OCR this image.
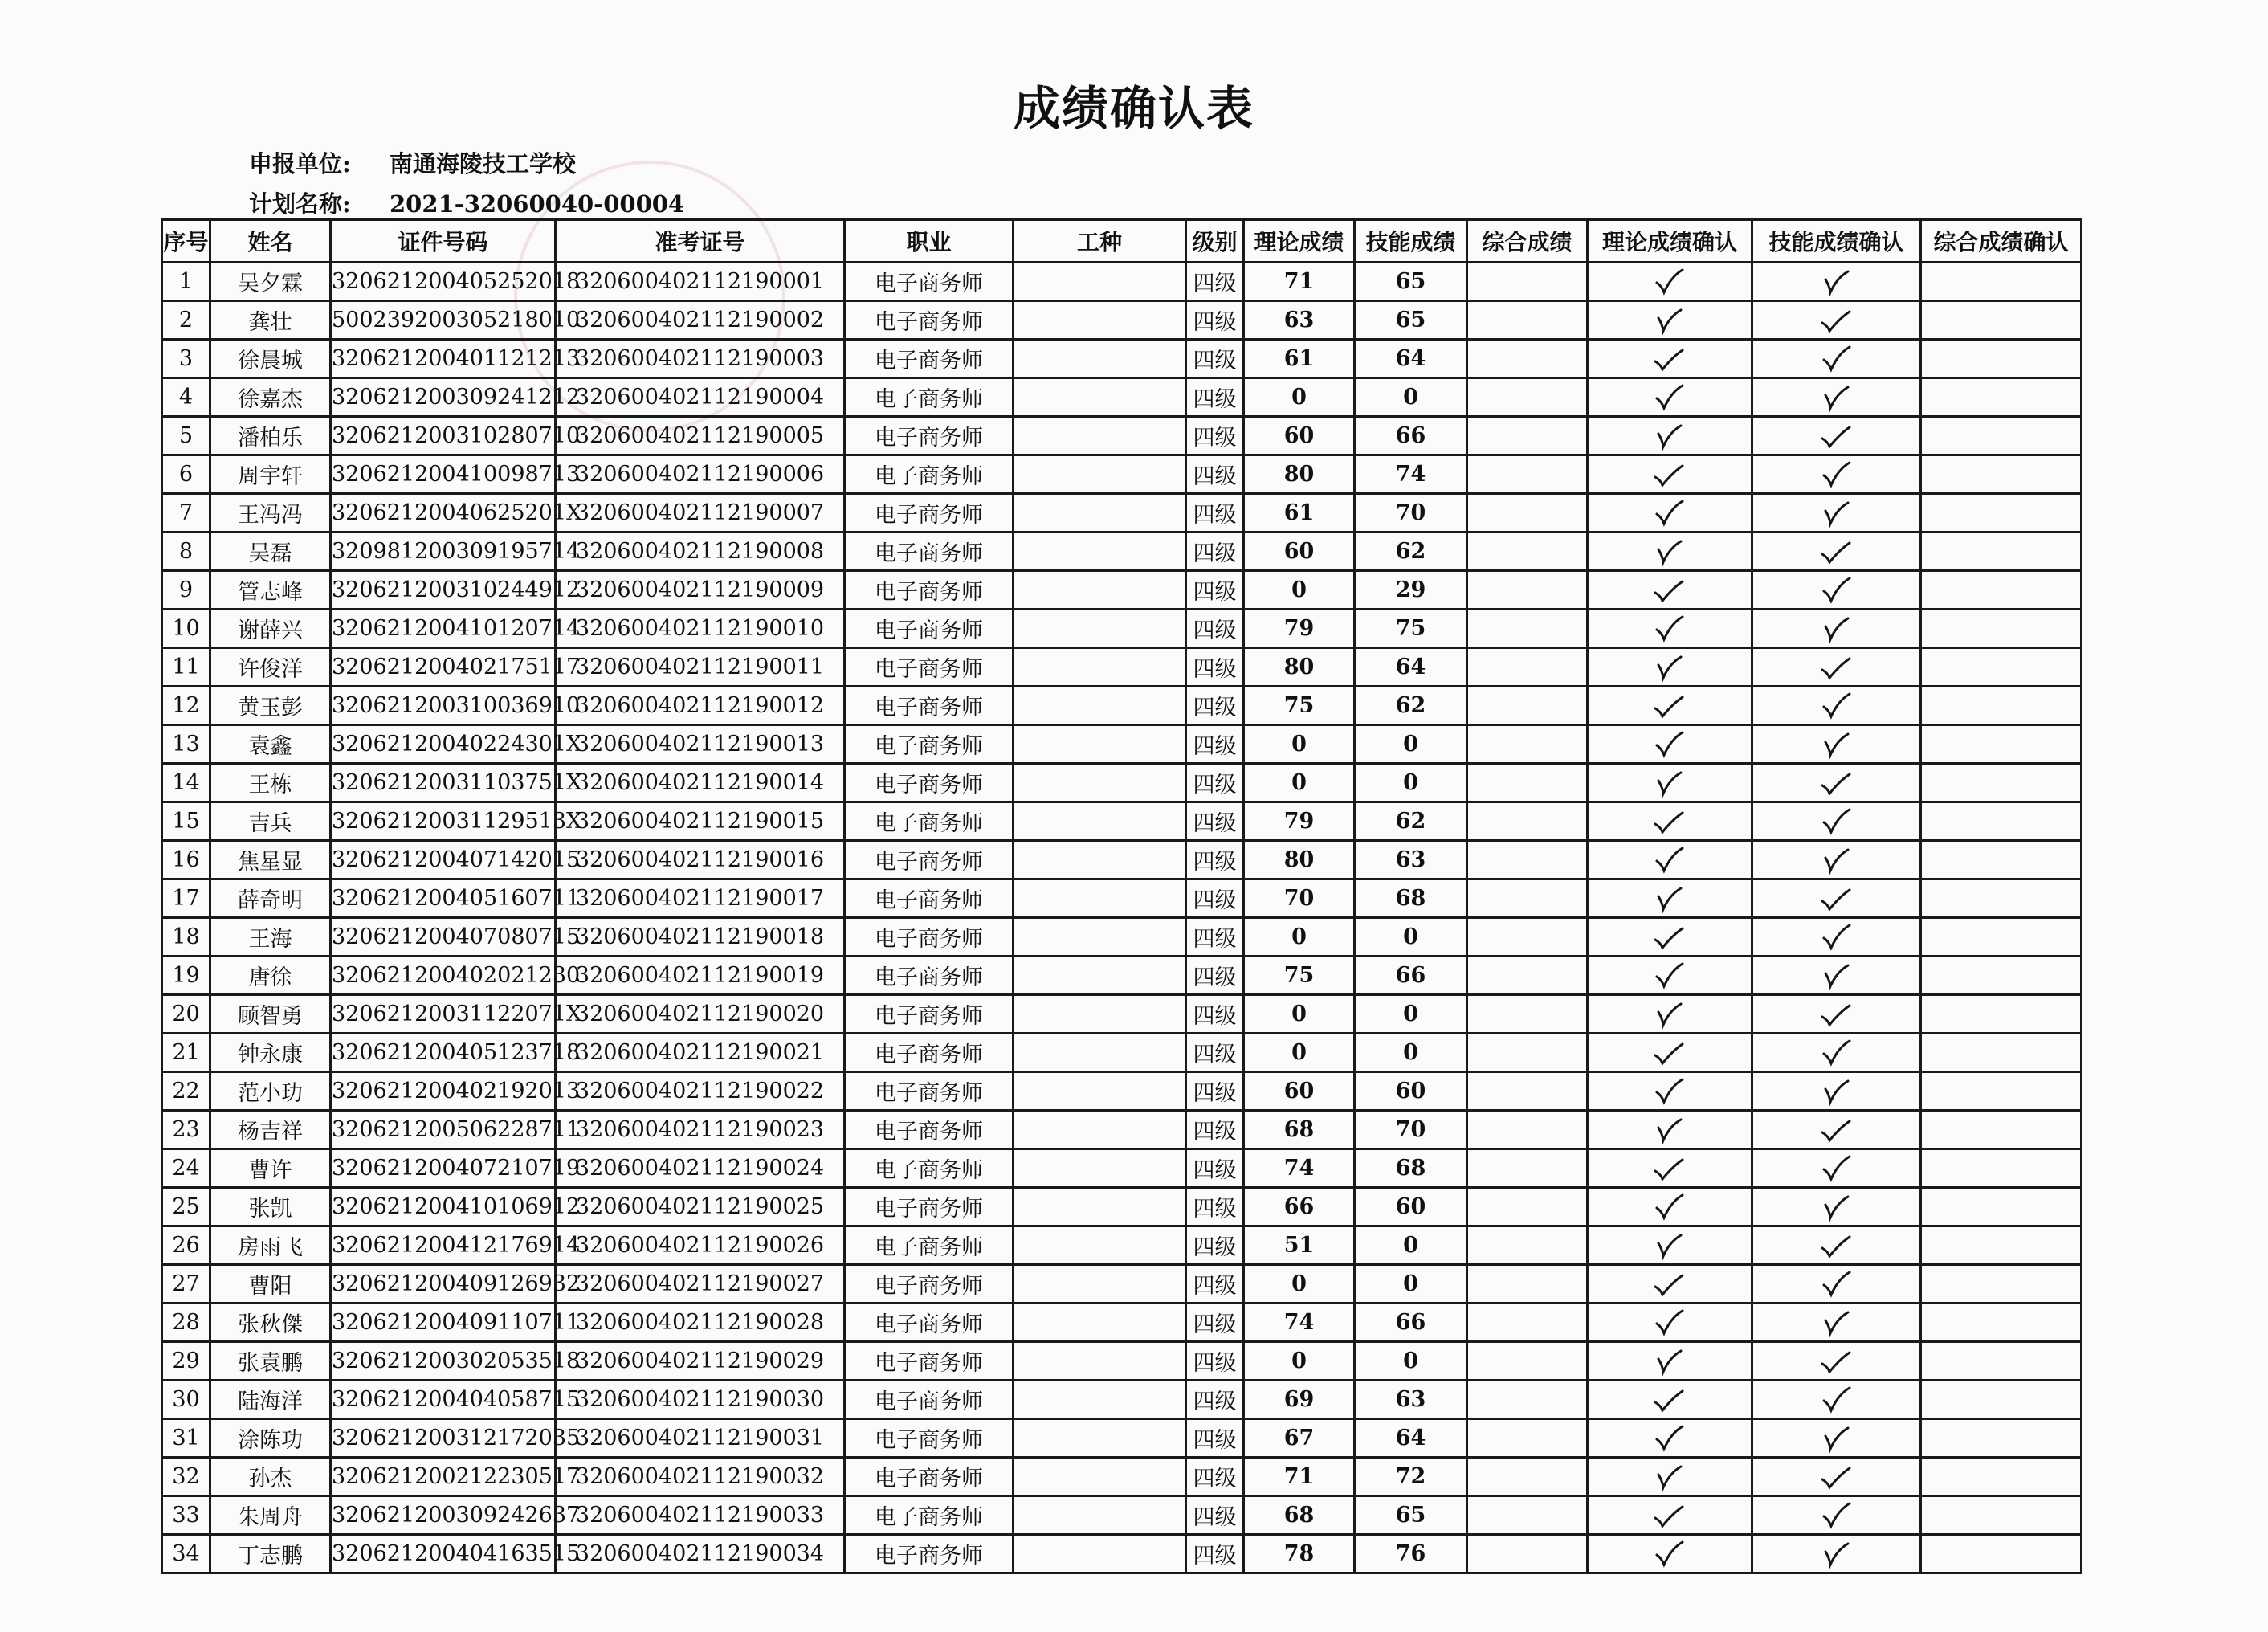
成绩确认表
申报单位: 南通海陵技工学校
计划名称: 2021-32060040-00004
序号	姓名	证件号码	准考证号	职业	工种	级别	理论成绩	技能成绩	综合成绩	理论成绩确认	技能成绩确认	综合成绩确认
1	吴夕霖	320621200405252018	320600402112190001	电子商务师		四级	71	65		

2	龚壮	500239200305218010	320600402112190002	电子商务师		四级	63	65		

3	徐晨城	320621200401121213	320600402112190003	电子商务师		四级	61	64		

4	徐嘉杰	320621200309241212	320600402112190004	电子商务师		四级	0	0		

5	潘柏乐	320621200310280710	320600402112190005	电子商务师		四级	60	66		

6	周宇轩	320621200410098713	320600402112190006	电子商务师		四级	80	74		

7	王冯冯	32062120040625201X	320600402112190007	电子商务师		四级	61	70		

8	吴磊	320981200309195714	320600402112190008	电子商务师		四级	60	62		

9	管志峰	320621200310244912	320600402112190009	电子商务师		四级	0	29		

10	谢薛兴	320621200410120714	320600402112190010	电子商务师		四级	79	75		

11	许俊洋	320621200402175117	320600402112190011	电子商务师		四级	80	64		

12	黄玉彭	320621200310036910	320600402112190012	电子商务师		四级	75	62		

13	袁鑫	32062120040224301X	320600402112190013	电子商务师		四级	0	0		

14	王栋	32062120031103751X	320600402112190014	电子商务师		四级	0	0		

15	吉兵	32062120031129513X	320600402112190015	电子商务师		四级	79	62		

16	焦星显	320621200407142015	320600402112190016	电子商务师		四级	80	63		

17	薛奇明	320621200405160711	320600402112190017	电子商务师		四级	70	68		

18	王海	320621200407080715	320600402112190018	电子商务师		四级	0	0		

19	唐徐	320621200402021230	320600402112190019	电子商务师		四级	75	66		

20	顾智勇	32062120031122071X	320600402112190020	电子商务师		四级	0	0		

21	钟永康	320621200405123718	320600402112190021	电子商务师		四级	0	0		

22	范小玏	320621200402192013	320600402112190022	电子商务师		四级	60	60		

23	杨吉祥	320621200506228711	320600402112190023	电子商务师		四级	68	70		

24	曹许	320621200407210719	320600402112190024	电子商务师		四级	74	68		

25	张凯	320621200410106912	320600402112190025	电子商务师		四级	66	60		

26	房雨飞	320621200412176914	320600402112190026	电子商务师		四级	51	0		

27	曹阳	320621200409126932	320600402112190027	电子商务师		四级	0	0		

28	张秋傑	320621200409110711	320600402112190028	电子商务师		四级	74	66		

29	张袁鹏	320621200302053518	320600402112190029	电子商务师		四级	0	0		

30	陆海洋	320621200404058715	320600402112190030	电子商务师		四级	69	63		

31	涂陈功	320621200312172035	320600402112190031	电子商务师		四级	67	64		

32	孙杰	320621200212230517	320600402112190032	电子商务师		四级	71	72		

33	朱周舟	320621200309242637	320600402112190033	电子商务师		四级	68	65		

34	丁志鹏	320621200404163515	320600402112190034	电子商务师		四级	78	76		
